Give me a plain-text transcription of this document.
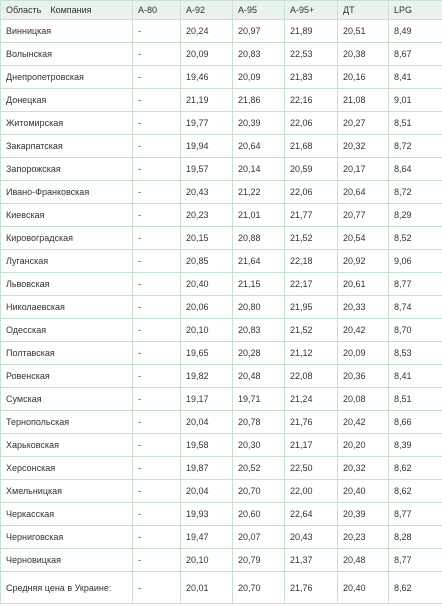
Область Компания	А-80	А-92	А-95	А-95+	ДТ	LPG
Винницкая	-	20,24	20,97	21,89	20,51	8,49
Волынская	-	20,09	20,83	22,53	20,38	8,67
Днепропетровская	-	19,46	20,09	21,83	20,16	8,41
Донецкая	-	21,19	21,86	22,16	21,08	9,01
Житомирская	-	19,77	20,39	22,06	20,27	8,51
Закарпатская	-	19,94	20,64	21,68	20,32	8,72
Запорожская	-	19,57	20,14	20,59	20,17	8,64
Ивано-Франковская	-	20,43	21,22	22,06	20,64	8,72
Киевская	-	20,23	21,01	21,77	20,77	8,29
Кировоградская	-	20,15	20,88	21,52	20,54	8,52
Луганская	-	20,85	21,64	22,18	20,92	9,06
Львовская	-	20,40	21,15	22,17	20,61	8,77
Николаевская	-	20,06	20,80	21,95	20,33	8,74
Одесская	-	20,10	20,83	21,52	20,42	8,70
Полтавская	-	19,65	20,28	21,12	20,09	8,53
Ровенская	-	19,82	20,48	22,08	20,36	8,41
Сумская	-	19,17	19,71	21,24	20,08	8,51
Тернопольская	-	20,04	20,78	21,76	20,42	8,66
Харьковская	-	19,58	20,30	21,17	20,20	8,39
Херсонская	-	19,87	20,52	22,50	20,32	8,62
Хмельницкая	-	20,04	20,70	22,00	20,40	8,62
Черкасская	-	19,93	20,60	22,64	20,39	8,77
Черниговская	-	19,47	20,07	20,43	20,23	8,28
Черновицкая	-	20,10	20,79	21,37	20,48	8,77
Средняя цена в Украине:	-	20,01	20,70	21,76	20,40	8,62
